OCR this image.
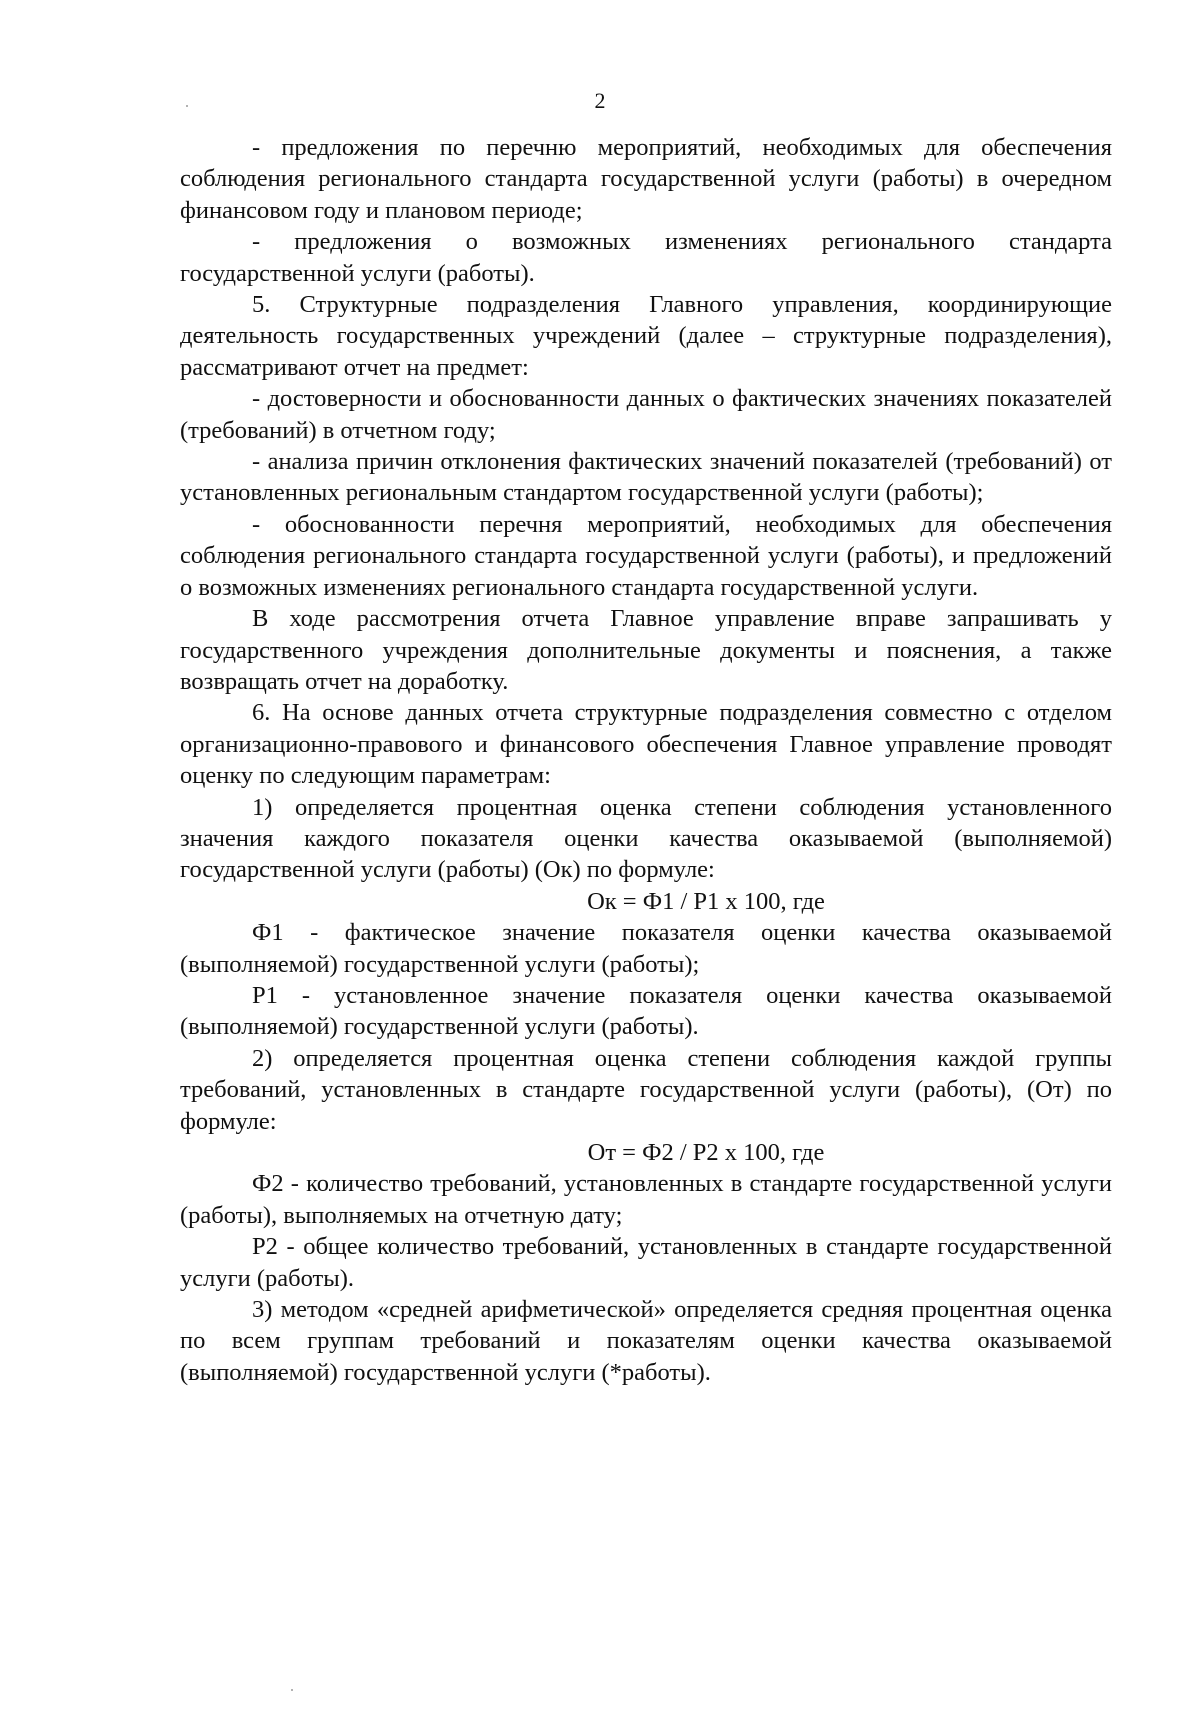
2

- предложения по перечню мероприятий, необходимых для обеспечения соблюдения регионального стандарта государственной услуги (работы) в очередном финансовом году и плановом периоде;

- предложения о возможных изменениях регионального стандарта государственной услуги (работы).

5. Структурные подразделения Главного управления, координирующие деятельность государственных учреждений (далее – структурные подразделения), рассматривают отчет на предмет:

- достоверности и обоснованности данных о фактических значениях показателей (требований) в отчетном году;

- анализа причин отклонения фактических значений показателей (требований) от установленных региональным стандартом государственной услуги (работы);

- обоснованности перечня мероприятий, необходимых для обеспечения соблюдения регионального стандарта государственной услуги (работы), и предложений о возможных изменениях регионального стандарта государственной услуги.

В ходе рассмотрения отчета Главное управление вправе запрашивать у государственного учреждения дополнительные документы и пояснения, а также возвращать отчет на доработку.

6. На основе данных отчета структурные подразделения совместно с отделом организационно-правового и финансового обеспечения Главное управление проводят оценку по следующим параметрам:

1) определяется процентная оценка степени соблюдения установленного значения каждого показателя оценки качества оказываемой (выполняемой) государственной услуги (работы) (Ок) по формуле:

Ок = Ф1 / Р1 х 100, где

Ф1 - фактическое значение показателя оценки качества оказываемой (выполняемой) государственной услуги (работы);

Р1 - установленное значение показателя оценки качества оказываемой (выполняемой) государственной услуги (работы).

2) определяется процентная оценка степени соблюдения каждой группы требований, установленных в стандарте государственной услуги (работы), (От) по формуле:

От = Ф2 / Р2 х 100, где

Ф2 - количество требований, установленных в стандарте государственной услуги (работы), выполняемых на отчетную дату;

Р2 - общее количество требований, установленных в стандарте государственной услуги (работы).

3) методом «средней арифметической» определяется средняя процентная оценка по всем группам требований и показателям оценки качества оказываемой (выполняемой) государственной услуги (*работы).
